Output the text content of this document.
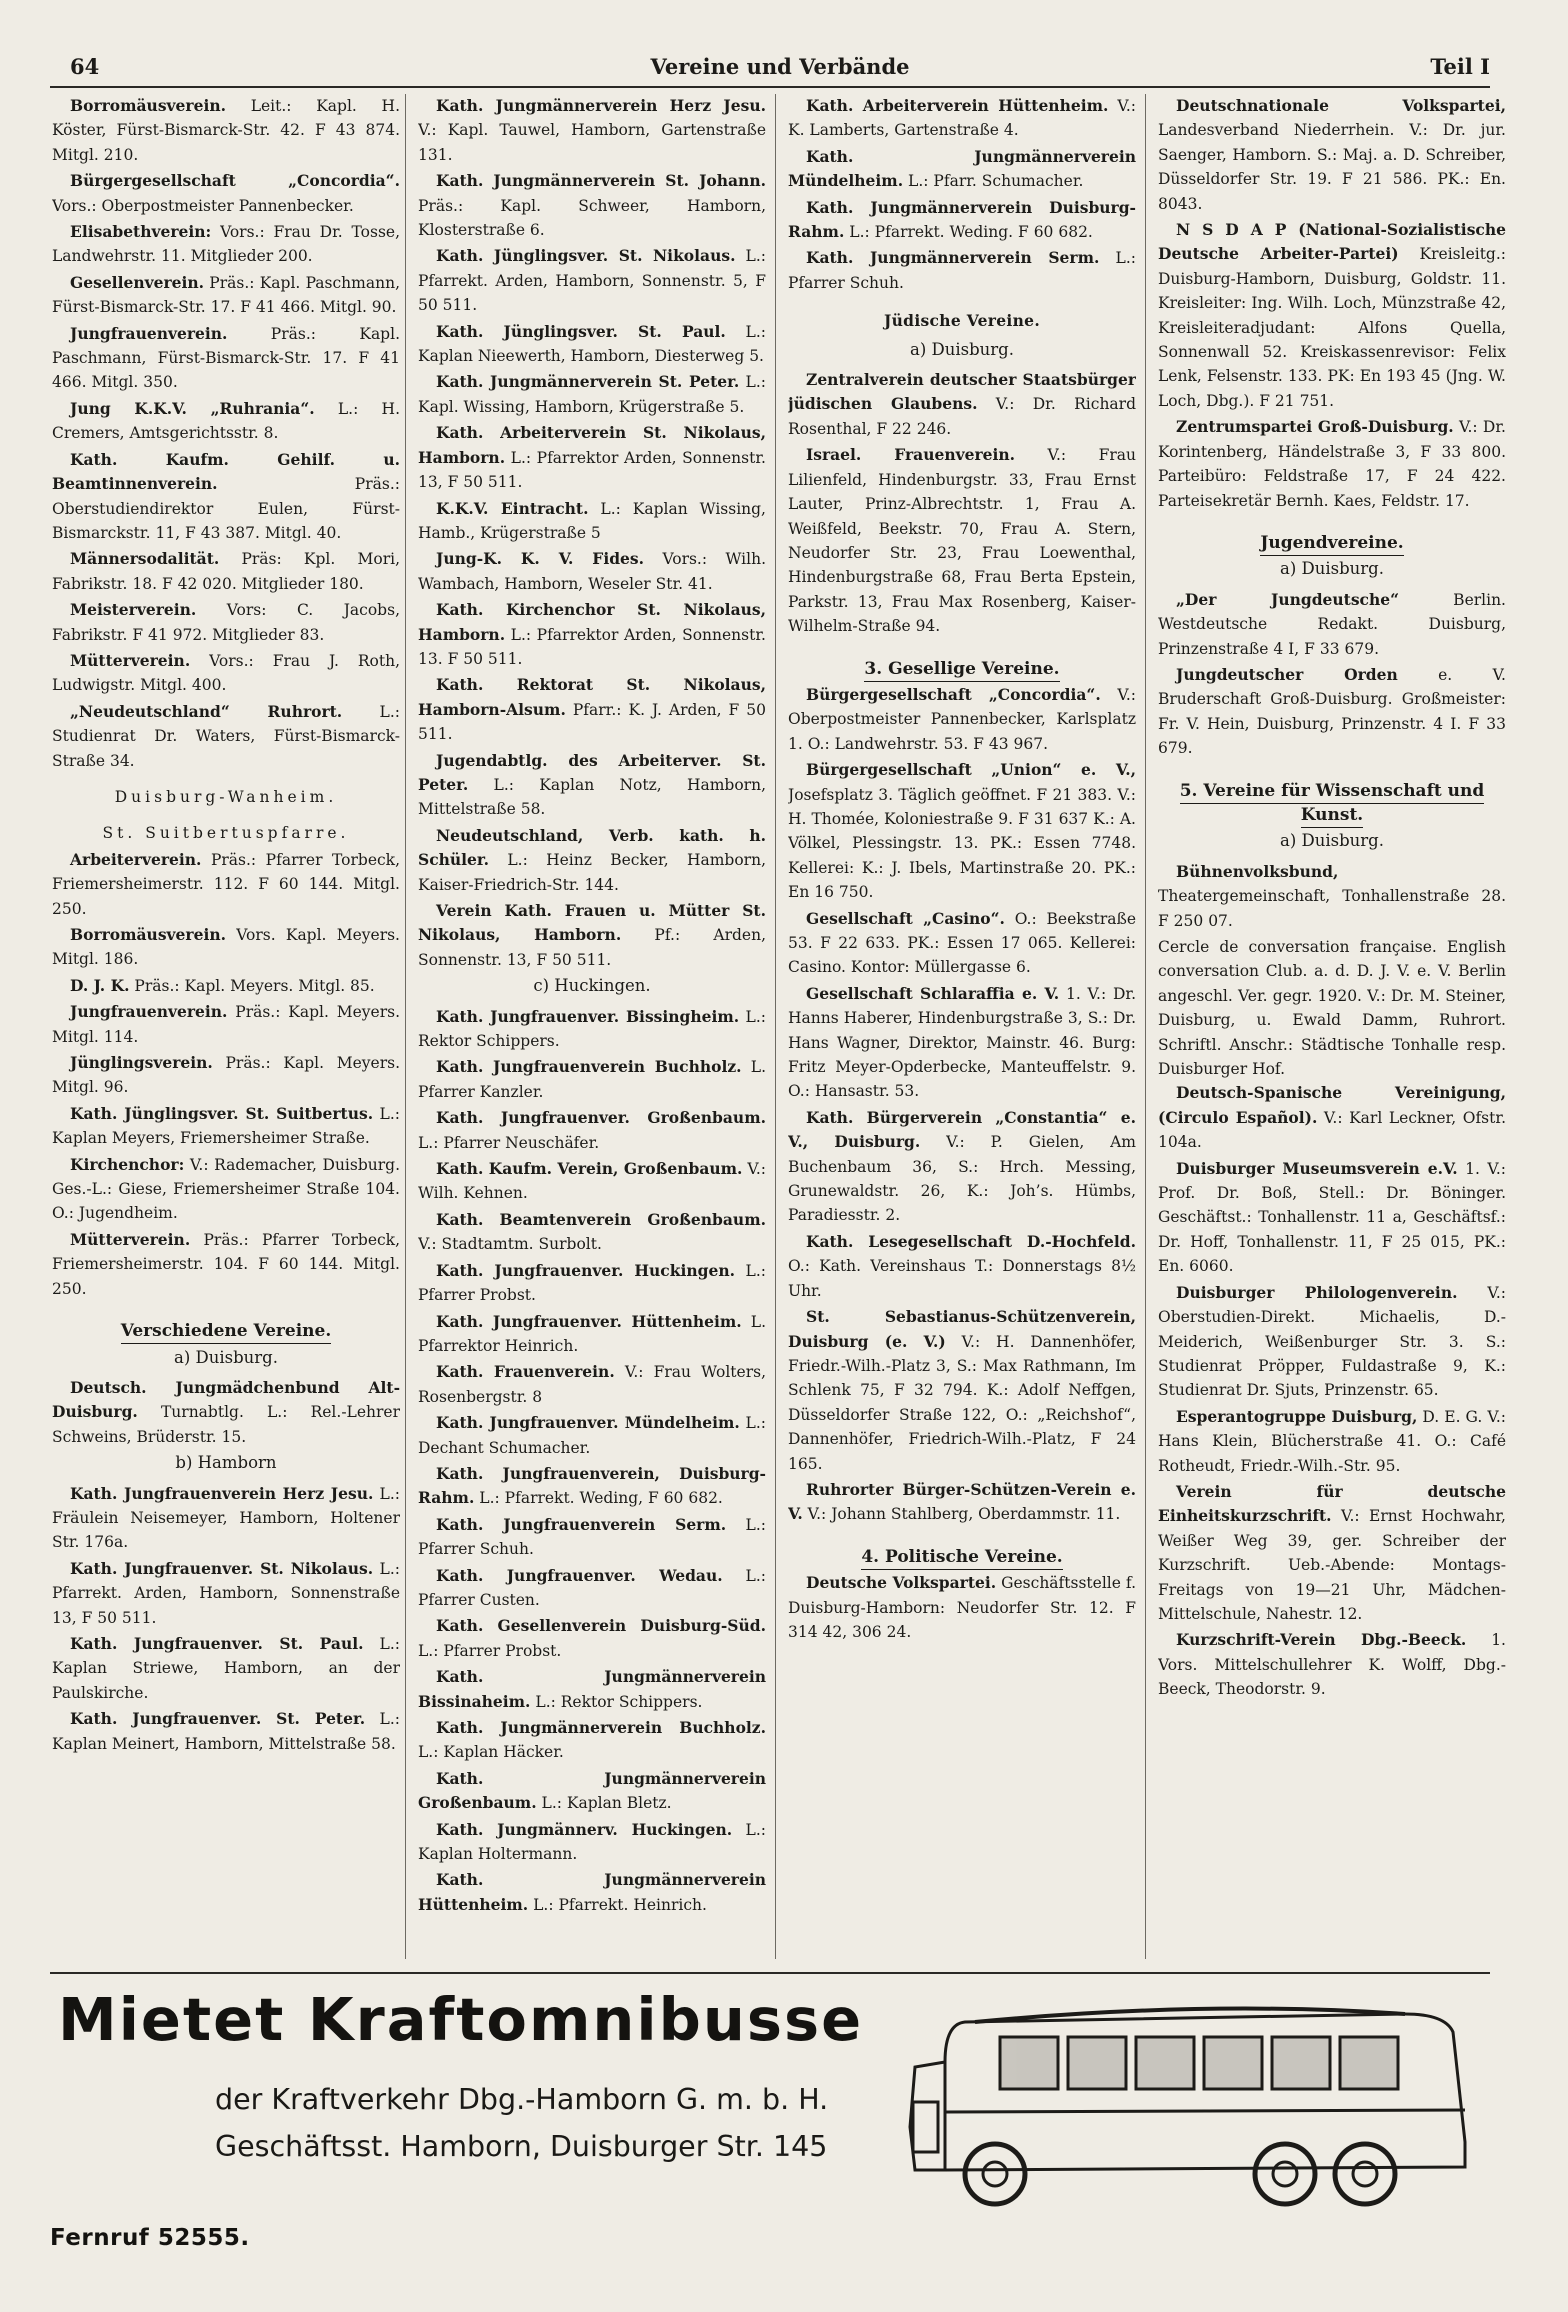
64	Vereine und Verbände	Teil I

Borromäusverein. Leit.: Kapl. H. Köster, Fürst-Bismarck-Str. 42. F 43 874. Mitgl. 210.

Bürgergesellschaft „Concordia“. Vors.: Oberpostmeister Pannenbecker.

Elisabethverein: Vors.: Frau Dr. Tosse, Landwehrstr. 11. Mitglieder 200.

Gesellenverein. Präs.: Kapl. Paschmann, Fürst-Bismarck-Str. 17. F 41 466. Mitgl. 90.

Jungfrauenverein. Präs.: Kapl. Paschmann, Fürst-Bismarck-Str. 17. F 41 466. Mitgl. 350.

Jung K.K.V. „Ruhrania“. L.: H. Cremers, Amtsgerichtsstr. 8.

Kath. Kaufm. Gehilf. u. Beamtinnenverein. Präs.: Oberstudiendirektor Eulen, Fürst-Bismarckstr. 11, F 43 387. Mitgl. 40.

Männersodalität. Präs: Kpl. Mori, Fabrikstr. 18. F 42 020. Mitglieder 180.

Meisterverein. Vors: C. Jacobs, Fabrikstr. F 41 972. Mitglieder 83.

Mütterverein. Vors.: Frau J. Roth, Ludwigstr. Mitgl. 400.

„Neudeutschland“ Ruhrort. L.: Studienrat Dr. Waters, Fürst-Bismarck-Straße 34.

Duisburg-Wanheim.
St. Suitbertuspfarre.

Arbeiterverein. Präs.: Pfarrer Torbeck, Friemersheimerstr. 112. F 60 144. Mitgl. 250.

Borromäusverein. Vors. Kapl. Meyers. Mitgl. 186.

D. J. K. Präs.: Kapl. Meyers. Mitgl. 85.

Jungfrauenverein. Präs.: Kapl. Meyers. Mitgl. 114.

Jünglingsverein. Präs.: Kapl. Meyers. Mitgl. 96.

Kath. Jünglingsver. St. Suitbertus. L.: Kaplan Meyers, Friemersheimer Straße.

Kirchenchor: V.: Rademacher, Duisburg. Ges.-L.: Giese, Friemersheimer Straße 104. O.: Jugendheim.

Mütterverein. Präs.: Pfarrer Torbeck, Friemersheimerstr. 104. F 60 144. Mitgl. 250.

Verschiedene Vereine.
a) Duisburg.

Deutsch. Jungmädchenbund Alt-Duisburg. Turnabtlg. L.: Rel.-Lehrer Schweins, Brüderstr. 15.

b) Hamborn

Kath. Jungfrauenverein Herz Jesu. L.: Fräulein Neisemeyer, Hamborn, Holtener Str. 176a.

Kath. Jungfrauenver. St. Nikolaus. L.: Pfarrekt. Arden, Hamborn, Sonnenstraße 13, F 50 511.

Kath. Jungfrauenver. St. Paul. L.: Kaplan Striewe, Hamborn, an der Paulskirche.

Kath. Jungfrauenver. St. Peter. L.: Kaplan Meinert, Hamborn, Mittelstraße 58.

Kath. Jungmännerverein Herz Jesu. V.: Kapl. Tauwel, Hamborn, Gartenstraße 131.

Kath. Jungmännerverein St. Johann. Präs.: Kapl. Schweer, Hamborn, Klosterstraße 6.

Kath. Jünglingsver. St. Nikolaus. L.: Pfarrekt. Arden, Hamborn, Sonnenstr. 5, F 50 511.

Kath. Jünglingsver. St. Paul. L.: Kaplan Nieewerth, Hamborn, Diesterweg 5.

Kath. Jungmännerverein St. Peter. L.: Kapl. Wissing, Hamborn, Krügerstraße 5.

Kath. Arbeiterverein St. Nikolaus, Hamborn. L.: Pfarrektor Arden, Sonnenstr. 13, F 50 511.

K.K.V. Eintracht. L.: Kaplan Wissing, Hamb., Krügerstraße 5

Jung-K. K. V. Fides. Vors.: Wilh. Wambach, Hamborn, Weseler Str. 41.

Kath. Kirchenchor St. Nikolaus, Hamborn. L.: Pfarrektor Arden, Sonnenstr. 13. F 50 511.

Kath. Rektorat St. Nikolaus, Hamborn-Alsum. Pfarr.: K. J. Arden, F 50 511.

Jugendabtlg. des Arbeiterver. St. Peter. L.: Kaplan Notz, Hamborn, Mittelstraße 58.

Neudeutschland, Verb. kath. h. Schüler. L.: Heinz Becker, Hamborn, Kaiser-Friedrich-Str. 144.

Verein Kath. Frauen u. Mütter St. Nikolaus, Hamborn. Pf.: Arden, Sonnenstr. 13, F 50 511.

c) Huckingen.

Kath. Jungfrauenver. Bissingheim. L.: Rektor Schippers.

Kath. Jungfrauenverein Buchholz. L. Pfarrer Kanzler.

Kath. Jungfrauenver. Großenbaum. L.: Pfarrer Neuschäfer.

Kath. Kaufm. Verein, Großenbaum. V.: Wilh. Kehnen.

Kath. Beamtenverein Großenbaum. V.: Stadtamtm. Surbolt.

Kath. Jungfrauenver. Huckingen. L.: Pfarrer Probst.

Kath. Jungfrauenver. Hüttenheim. L. Pfarrektor Heinrich.

Kath. Frauenverein. V.: Frau Wolters, Rosenbergstr. 8

Kath. Jungfrauenver. Mündelheim. L.: Dechant Schumacher.

Kath. Jungfrauenverein, Duisburg-Rahm. L.: Pfarrekt. Weding, F 60 682.

Kath. Jungfrauenverein Serm. L.: Pfarrer Schuh.

Kath. Jungfrauenver. Wedau. L.: Pfarrer Custen.

Kath. Gesellenverein Duisburg-Süd. L.: Pfarrer Probst.

Kath. Jungmännerverein Bissinaheim. L.: Rektor Schippers.

Kath. Jungmännerverein Buchholz. L.: Kaplan Häcker.

Kath. Jungmännerverein Großenbaum. L.: Kaplan Bletz.

Kath. Jungmännerv. Huckingen. L.: Kaplan Holtermann.

Kath. Jungmännerverein Hüttenheim. L.: Pfarrekt. Heinrich.

Kath. Arbeiterverein Hüttenheim. V.: K. Lamberts, Gartenstraße 4.

Kath. Jungmännerverein Mündelheim. L.: Pfarr. Schumacher.

Kath. Jungmännerverein Duisburg-Rahm. L.: Pfarrekt. Weding. F 60 682.

Kath. Jungmännerverein Serm. L.: Pfarrer Schuh.

Jüdische Vereine.
a) Duisburg.

Zentralverein deutscher Staatsbürger jüdischen Glaubens. V.: Dr. Richard Rosenthal, F 22 246.

Israel. Frauenverein. V.: Frau Lilienfeld, Hindenburgstr. 33, Frau Ernst Lauter, Prinz-Albrechtstr. 1, Frau A. Weißfeld, Beekstr. 70, Frau A. Stern, Neudorfer Str. 23, Frau Loewenthal, Hindenburgstraße 68, Frau Berta Epstein, Parkstr. 13, Frau Max Rosenberg, Kaiser-Wilhelm-Straße 94.

3. Gesellige Vereine.

Bürgergesellschaft „Concordia“. V.: Oberpostmeister Pannenbecker, Karlsplatz 1. O.: Landwehrstr. 53. F 43 967.

Bürgergesellschaft „Union“ e. V., Josefsplatz 3. Täglich geöffnet. F 21 383. V.: H. Thomée, Koloniestraße 9. F 31 637 K.: A. Völkel, Plessingstr. 13. PK.: Essen 7748. Kellerei: K.: J. Ibels, Martinstraße 20. PK.: En 16 750.

Gesellschaft „Casino“. O.: Beekstraße 53. F 22 633. PK.: Essen 17 065. Kellerei: Casino. Kontor: Müllergasse 6.

Gesellschaft Schlaraffia e. V. 1. V.: Dr. Hanns Haberer, Hindenburgstraße 3, S.: Dr. Hans Wagner, Direktor, Mainstr. 46. Burg: Fritz Meyer-Opderbecke, Manteuffelstr. 9. O.: Hansastr. 53.

Kath. Bürgerverein „Constantia“ e. V., Duisburg. V.: P. Gielen, Am Buchenbaum 36, S.: Hrch. Messing, Grunewaldstr. 26, K.: Joh’s. Hümbs, Paradiesstr. 2.

Kath. Lesegesellschaft D.-Hochfeld. O.: Kath. Vereinshaus T.: Donnerstags 8½ Uhr.

St. Sebastianus-Schützenverein, Duisburg (e. V.) V.: H. Dannenhöfer, Friedr.-Wilh.-Platz 3, S.: Max Rathmann, Im Schlenk 75, F 32 794. K.: Adolf Neffgen, Düsseldorfer Straße 122, O.: „Reichshof“, Dannenhöfer, Friedrich-Wilh.-Platz, F 24 165.

Ruhrorter Bürger-Schützen-Verein e. V. V.: Johann Stahlberg, Oberdammstr. 11.

4. Politische Vereine.

Deutsche Volkspartei. Geschäftsstelle f. Duisburg-Hamborn: Neudorfer Str. 12. F 314 42, 306 24.

Deutschnationale Volkspartei, Landesverband Niederrhein. V.: Dr. jur. Saenger, Hamborn. S.: Maj. a. D. Schreiber, Düsseldorfer Str. 19. F 21 586. PK.: En. 8043.

N S D A P (National-Sozialistische Deutsche Arbeiter-Partei) Kreisleitg.: Duisburg-Hamborn, Duisburg, Goldstr. 11. Kreisleiter: Ing. Wilh. Loch, Münzstraße 42, Kreisleiteradjudant: Alfons Quella, Sonnenwall 52. Kreiskassenrevisor: Felix Lenk, Felsenstr. 133. PK: En 193 45 (Jng. W. Loch, Dbg.). F 21 751.

Zentrumspartei Groß-Duisburg. V.: Dr. Korintenberg, Händelstraße 3, F 33 800. Parteibüro: Feldstraße 17, F 24 422. Parteisekretär Bernh. Kaes, Feldstr. 17.

Jugendvereine.
a) Duisburg.

„Der Jungdeutsche“ Berlin. Westdeutsche Redakt. Duisburg, Prinzenstraße 4 I, F 33 679.

Jungdeutscher Orden e. V. Bruderschaft Groß-Duisburg. Großmeister: Fr. V. Hein, Duisburg, Prinzenstr. 4 I. F 33 679.

5. Vereine für Wissenschaft und Kunst.
a) Duisburg.

Bühnenvolksbund, Theatergemeinschaft, Tonhallenstraße 28. F 250 07.

Cercle de conversation française. English conversation Club. a. d. D. J. V. e. V. Berlin angeschl. Ver. gegr. 1920. V.: Dr. M. Steiner, Duisburg, u. Ewald Damm, Ruhrort. Schriftl. Anschr.: Städtische Tonhalle resp. Duisburger Hof.

Deutsch-Spanische Vereinigung, (Circulo Español). V.: Karl Leckner, Ofstr. 104a.

Duisburger Museumsverein e.V. 1. V.: Prof. Dr. Boß, Stell.: Dr. Böninger. Geschäftst.: Tonhallenstr. 11 a, Geschäftsf.: Dr. Hoff, Tonhallenstr. 11, F 25 015, PK.: En. 6060.

Duisburger Philologenverein. V.: Oberstudien-Direkt. Michaelis, D.-Meiderich, Weißenburger Str. 3. S.: Studienrat Pröpper, Fuldastraße 9, K.: Studienrat Dr. Sjuts, Prinzenstr. 65.

Esperantogruppe Duisburg, D. E. G. V.: Hans Klein, Blücherstraße 41. O.: Café Rotheudt, Friedr.-Wilh.-Str. 95.

Verein für deutsche Einheitskurzschrift. V.: Ernst Hochwahr, Weißer Weg 39, ger. Schreiber der Kurzschrift. Ueb.-Abende: Montags-Freitags von 19—21 Uhr, Mädchen-Mittelschule, Nahestr. 12.

Kurzschrift-Verein Dbg.-Beeck. 1. Vors. Mittelschullehrer K. Wolff, Dbg.-Beeck, Theodorstr. 9.

Mietet Kraftomnibusse
der Kraftverkehr Dbg.-Hamborn G. m. b. H.
Geschäftsst. Hamborn, Duisburger Str. 145
Fernruf 52555.
